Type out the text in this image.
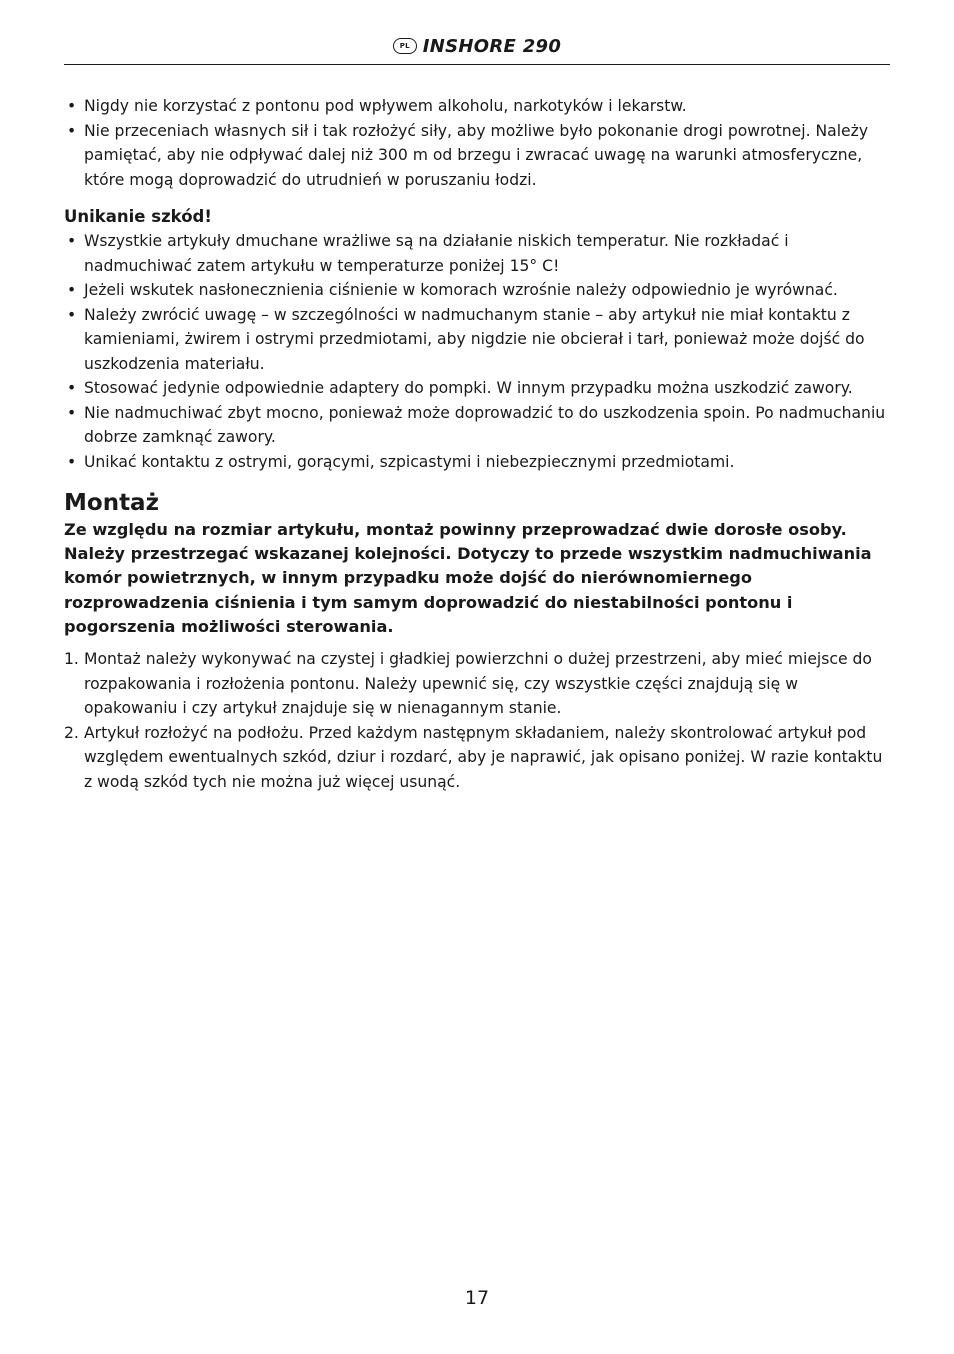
PL INSHORE 290
• Nigdy nie korzystać z pontonu pod wpływem alkoholu, narkotyków i lekarstw.
• Nie przeceniach własnych sił i tak rozłożyć siły, aby możliwe było pokonanie drogi powrotnej. Należy pamiętać, aby nie odpływać dalej niż 300 m od brzegu i zwracać uwagę na warunki atmosferyczne, które mogą doprowadzić do utrudnień w poruszaniu łodzi.
Unikanie szkód!
• Wszystkie artykuły dmuchane wrażliwe są na działanie niskich temperatur. Nie rozkładać i nadmuchiwać zatem artykułu w temperaturze poniżej 15° C!
• Jeżeli wskutek nasłonecznienia ciśnienie w komorach wzrośnie należy odpowiednio je wyrównać.
• Należy zwrócić uwagę – w szczególności w nadmuchanym stanie – aby artykuł nie miał kontaktu z kamieniami, żwirem i ostrymi przedmiotami, aby nigdzie nie obcierał i tarł, ponieważ może dojść do uszkodzenia materiału.
• Stosować jedynie odpowiednie adaptery do pompki. W innym przypadku można uszkodzić zawory.
• Nie nadmuchiwać zbyt mocno, ponieważ może doprowadzić to do uszkodzenia spoin. Po nadmuchaniu dobrze zamknąć zawory.
• Unikać kontaktu z ostrymi, gorącymi, szpicastymi i niebezpiecznymi przedmiotami.
Montaż
Ze względu na rozmiar artykułu, montaż powinny przeprowadzać dwie dorosłe osoby. Należy przestrzegać wskazanej kolejności. Dotyczy to przede wszystkim nadmuchiwania komór powietrznych, w innym przypadku może dojść do nierównomiernego rozprowadzenia ciśnienia i tym samym doprowadzić do niestabilności pontonu i pogorszenia możliwości sterowania.
1. Montaż należy wykonywać na czystej i gładkiej powierzchni o dużej przestrzeni, aby mieć miejsce do rozpakowania i rozłożenia pontonu. Należy upewnić się, czy wszystkie części znajdują się w opakowaniu i czy artykuł znajduje się w nienagannym stanie.
2. Artykuł rozłożyć na podłożu. Przed każdym następnym składaniem, należy skontrolować artykuł pod względem ewentualnych szkód, dziur i rozdarć, aby je naprawić, jak opisano poniżej. W razie kontaktu z wodą szkód tych nie można już więcej usunąć.
17
